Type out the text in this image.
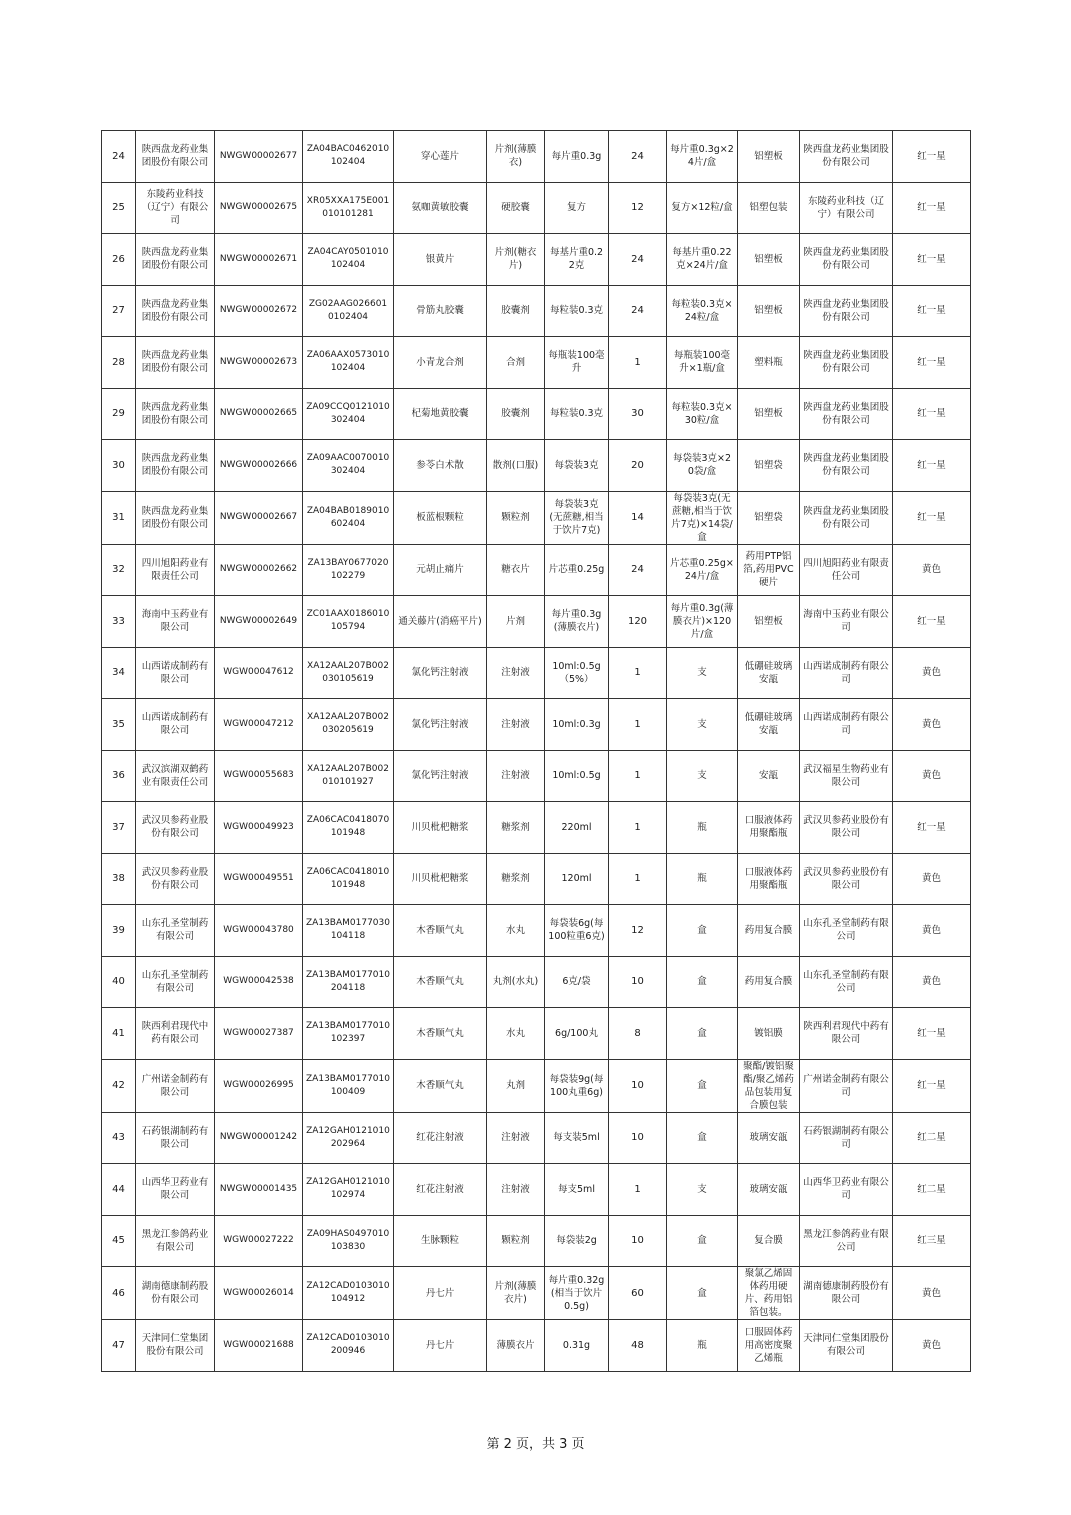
24	陕西盘龙药业集团股份有限公司	NWGW00002677	ZA04BAC0462010102404	穿心莲片	片剂(薄膜衣)	每片重0.3g	24	每片重0.3g×24片/盒	铝塑板	陕西盘龙药业集团股份有限公司	红一星
25	东陵药业科技（辽宁）有限公司	NWGW00002675	XR05XXA175E001010101281	氨咖黄敏胶囊	硬胶囊	复方	12	复方×12粒/盒	铝塑包装	东陵药业科技（辽宁）有限公司	红一星
26	陕西盘龙药业集团股份有限公司	NWGW00002671	ZA04CAY0501010102404	银黄片	片剂(糖衣片)	每基片重0.22克	24	每基片重0.22克×24片/盒	铝塑板	陕西盘龙药业集团股份有限公司	红一星
27	陕西盘龙药业集团股份有限公司	NWGW00002672	ZG02AAG0266010102404	骨筋丸胶囊	胶囊剂	每粒装0.3克	24	每粒装0.3克×24粒/盒	铝塑板	陕西盘龙药业集团股份有限公司	红一星
28	陕西盘龙药业集团股份有限公司	NWGW00002673	ZA06AAX0573010102404	小青龙合剂	合剂	每瓶装100毫升	1	每瓶装100毫升×1瓶/盒	塑料瓶	陕西盘龙药业集团股份有限公司	红一星
29	陕西盘龙药业集团股份有限公司	NWGW00002665	ZA09CCQ0121010302404	杞菊地黄胶囊	胶囊剂	每粒装0.3克	30	每粒装0.3克×30粒/盒	铝塑板	陕西盘龙药业集团股份有限公司	红一星
30	陕西盘龙药业集团股份有限公司	NWGW00002666	ZA09AAC0070010302404	参苓白术散	散剂(口服)	每袋装3克	20	每袋装3克×20袋/盒	铝塑袋	陕西盘龙药业集团股份有限公司	红一星
31	陕西盘龙药业集团股份有限公司	NWGW00002667	ZA04BAB0189010602404	板蓝根颗粒	颗粒剂	每袋装3克(无蔗糖,相当于饮片7克)	14	每袋装3克(无蔗糖,相当于饮片7克)×14袋/盒	铝塑袋	陕西盘龙药业集团股份有限公司	红一星
32	四川旭阳药业有限责任公司	NWGW00002662	ZA13BAY0677020102279	元胡止痛片	糖衣片	片芯重0.25g	24	片芯重0.25g×24片/盒	药用PTP铝箔,药用PVC硬片	四川旭阳药业有限责任公司	黄色
33	海南中玉药业有限公司	NWGW00002649	ZC01AAX0186010105794	通关藤片(消癌平片)	片剂	每片重0.3g(薄膜衣片)	120	每片重0.3g(薄膜衣片)×120片/盒	铝塑板	海南中玉药业有限公司	红一星
34	山西诺成制药有限公司	WGW00047612	XA12AAL207B002030105619	氯化钙注射液	注射液	10ml:0.5g（5%）	1	支	低硼硅玻璃安瓿	山西诺成制药有限公司	黄色
35	山西诺成制药有限公司	WGW00047212	XA12AAL207B002030205619	氯化钙注射液	注射液	10ml:0.3g	1	支	低硼硅玻璃安瓿	山西诺成制药有限公司	黄色
36	武汉滨湖双鹤药业有限责任公司	WGW00055683	XA12AAL207B002010101927	氯化钙注射液	注射液	10ml:0.5g	1	支	安瓿	武汉福星生物药业有限公司	黄色
37	武汉贝参药业股份有限公司	WGW00049923	ZA06CAC0418070101948	川贝枇杷糖浆	糖浆剂	220ml	1	瓶	口服液体药用聚酯瓶	武汉贝参药业股份有限公司	红一星
38	武汉贝参药业股份有限公司	WGW00049551	ZA06CAC0418010101948	川贝枇杷糖浆	糖浆剂	120ml	1	瓶	口服液体药用聚酯瓶	武汉贝参药业股份有限公司	黄色
39	山东孔圣堂制药有限公司	WGW00043780	ZA13BAM0177030104118	木香顺气丸	水丸	每袋装6g(每100粒重6克)	12	盒	药用复合膜	山东孔圣堂制药有限公司	黄色
40	山东孔圣堂制药有限公司	WGW00042538	ZA13BAM0177010204118	木香顺气丸	丸剂(水丸)	6克/袋	10	盒	药用复合膜	山东孔圣堂制药有限公司	黄色
41	陕西利君现代中药有限公司	WGW00027387	ZA13BAM0177010102397	木香顺气丸	水丸	6g/100丸	8	盒	镀铝膜	陕西利君现代中药有限公司	红一星
42	广州诺金制药有限公司	WGW00026995	ZA13BAM0177010100409	木香顺气丸	丸剂	每袋装9g(每100丸重6g)	10	盒	聚酯/镀铝聚酯/聚乙烯药品包装用复合膜包装	广州诺金制药有限公司	红一星
43	石药银湖制药有限公司	NWGW00001242	ZA12GAH0121010202964	红花注射液	注射液	每支装5ml	10	盒	玻璃安瓿	石药银湖制药有限公司	红二星
44	山西华卫药业有限公司	NWGW00001435	ZA12GAH0121010102974	红花注射液	注射液	每支5ml	1	支	玻璃安瓿	山西华卫药业有限公司	红二星
45	黑龙江参鸽药业有限公司	WGW00027222	ZA09HAS0497010103830	生脉颗粒	颗粒剂	每袋装2g	10	盒	复合膜	黑龙江参鸽药业有限公司	红三星
46	湖南德康制药股份有限公司	WGW00026014	ZA12CAD0103010104912	丹七片	片剂(薄膜衣片)	每片重0.32g(相当于饮片0.5g)	60	盒	聚氯乙烯固体药用硬片、药用铝箔包装。	湖南德康制药股份有限公司	黄色
47	天津同仁堂集团股份有限公司	WGW00021688	ZA12CAD0103010200946	丹七片	薄膜衣片	0.31g	48	瓶	口服固体药用高密度聚乙烯瓶	天津同仁堂集团股份有限公司	黄色
第 2 页，共 3 页
